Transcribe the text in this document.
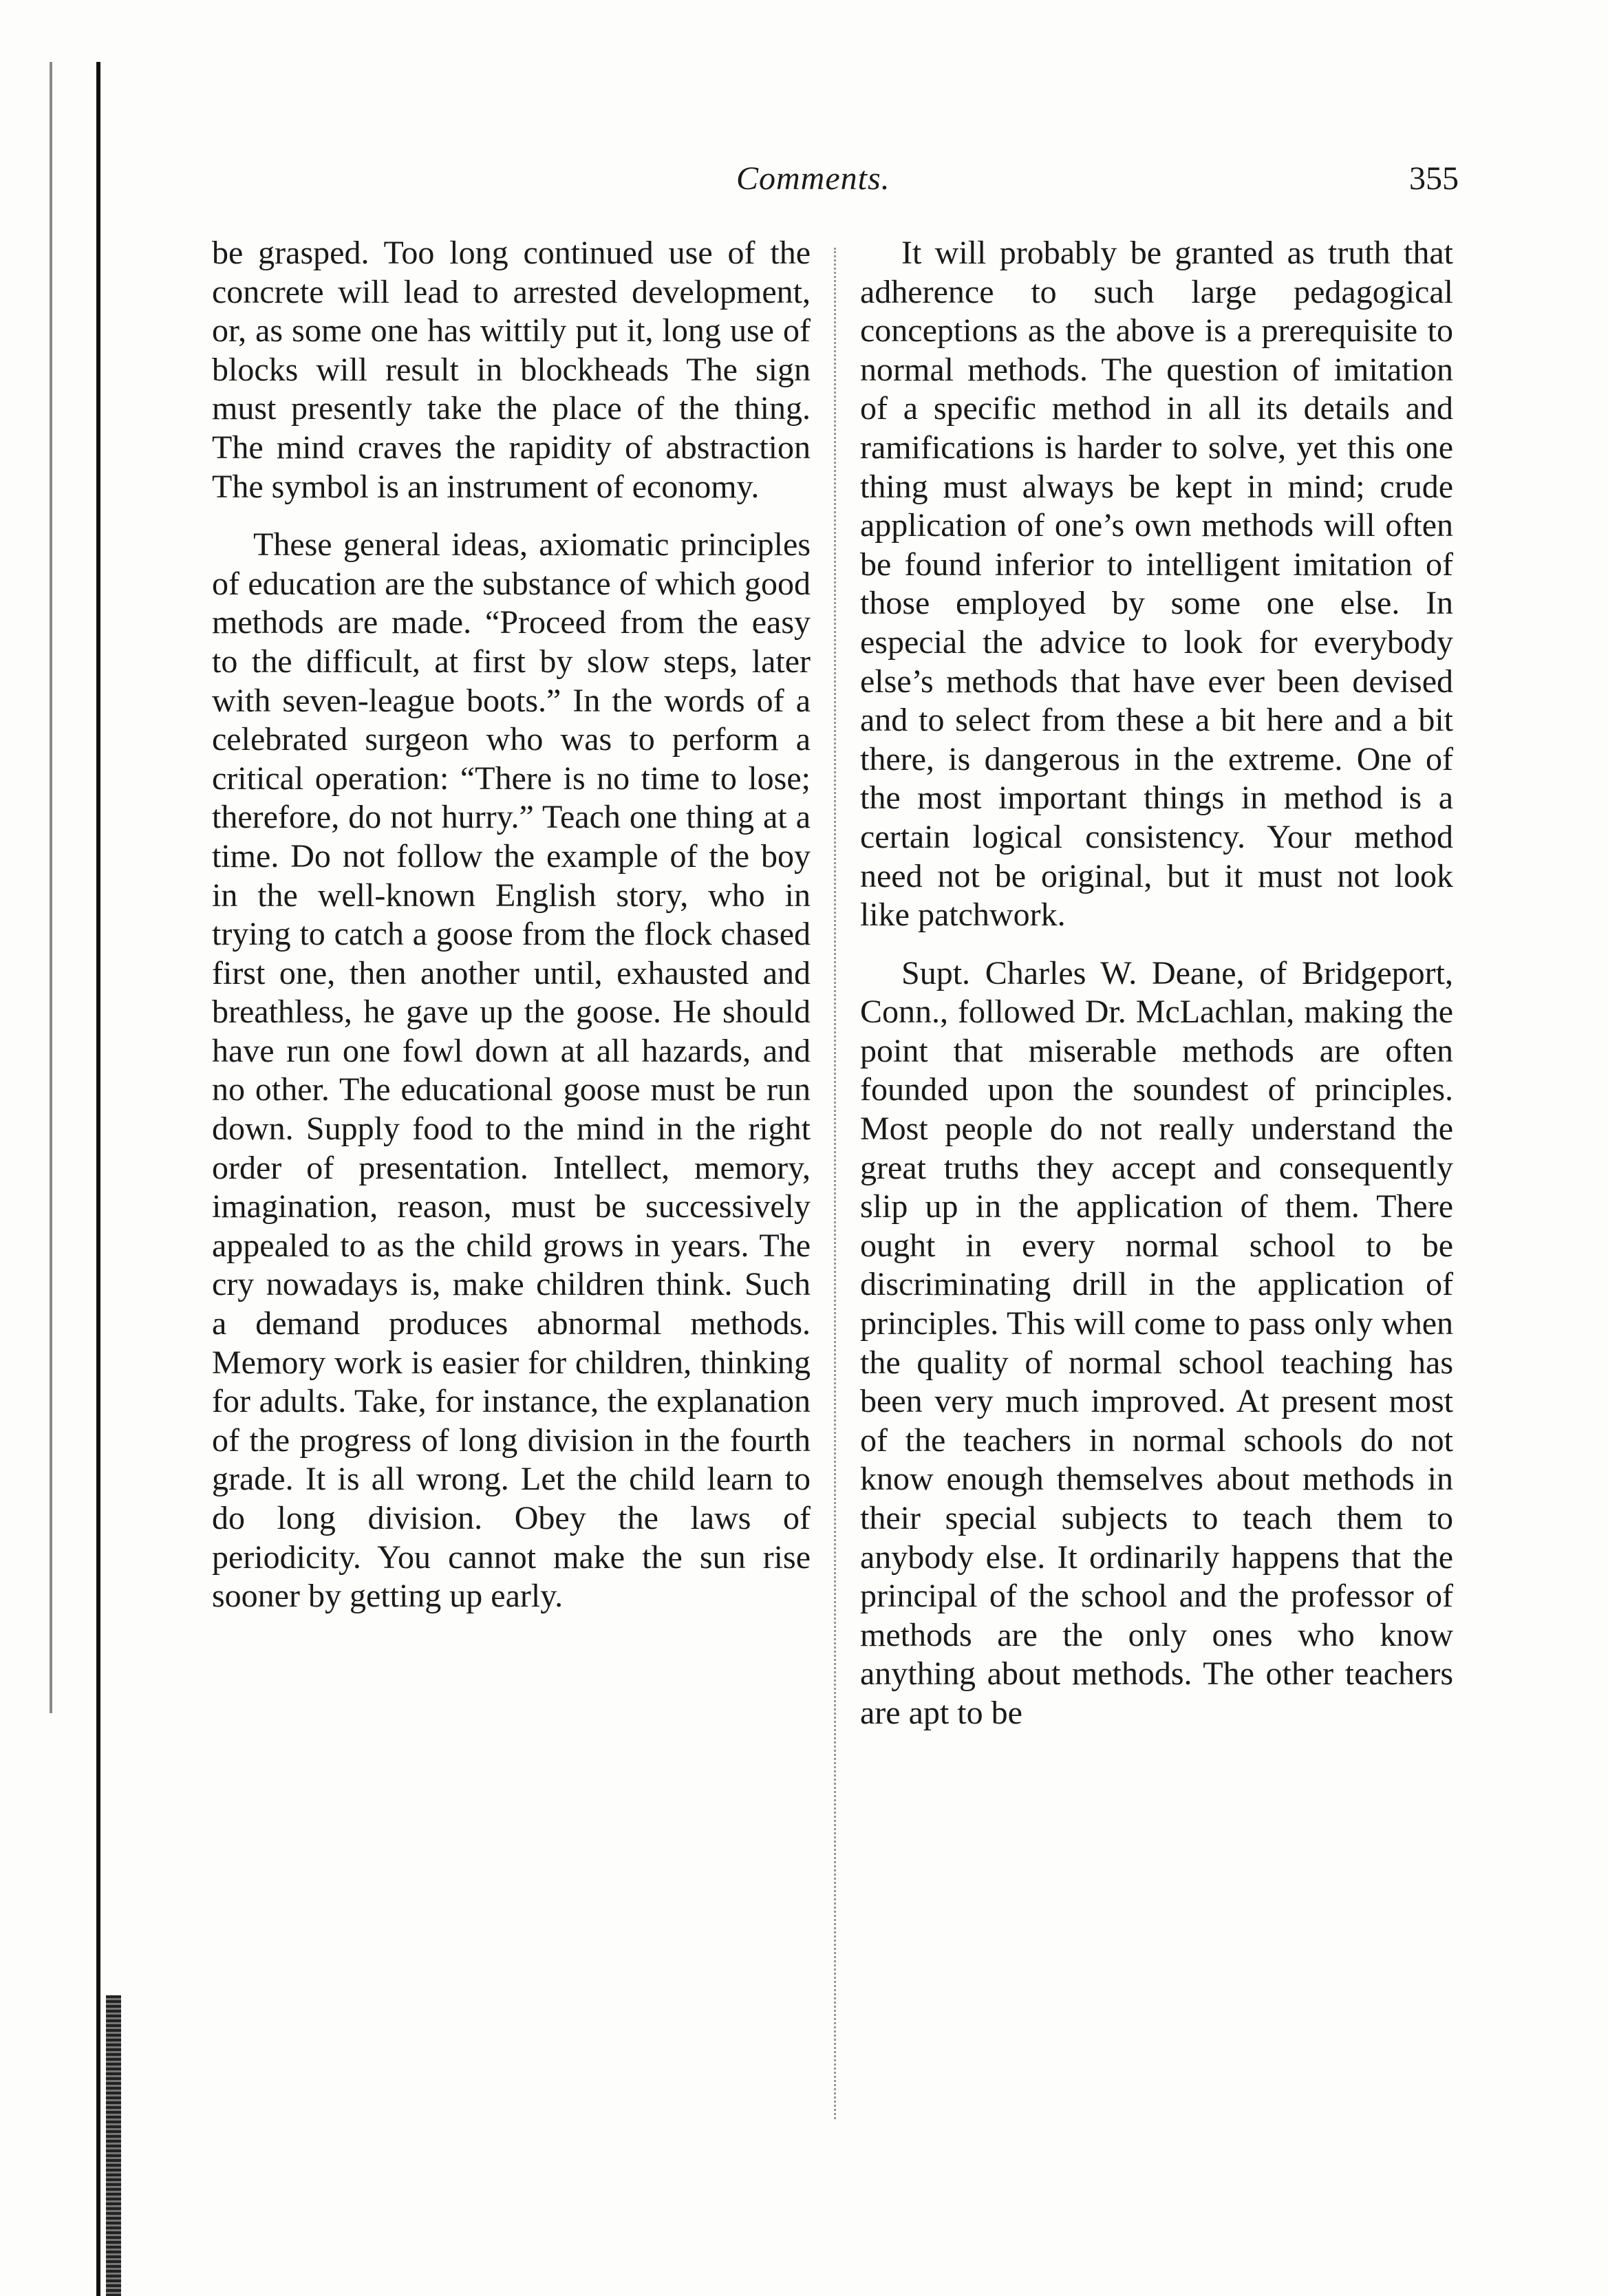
Comments.	355

be grasped. Too long continued use of the concrete will lead to arrested development, or, as some one has wittily put it, long use of blocks will result in blockheads The sign must presently take the place of the thing. The mind craves the rapidity of abstraction The symbol is an instrument of economy.

These general ideas, axiomatic principles of education are the substance of which good methods are made. “Proceed from the easy to the difficult, at first by slow steps, later with seven-league boots.” In the words of a celebrated surgeon who was to perform a critical operation: “There is no time to lose; therefore, do not hurry.” Teach one thing at a time. Do not follow the example of the boy in the well-known English story, who in trying to catch a goose from the flock chased first one, then another until, exhausted and breathless, he gave up the goose. He should have run one fowl down at all hazards, and no other. The educational goose must be run down. Supply food to the mind in the right order of presentation. Intellect, memory, imagination, reason, must be successively appealed to as the child grows in years. The cry nowadays is, make children think. Such a demand produces abnormal methods. Memory work is easier for children, thinking for adults. Take, for instance, the explanation of the progress of long division in the fourth grade. It is all wrong. Let the child learn to do long division. Obey the laws of periodicity. You cannot make the sun rise sooner by getting up early.

It will probably be granted as truth that adherence to such large pedagogical conceptions as the above is a prerequisite to normal methods. The question of imitation of a specific method in all its details and ramifications is harder to solve, yet this one thing must always be kept in mind; crude application of one’s own methods will often be found inferior to intelligent imitation of those employed by some one else. In especial the advice to look for everybody else’s methods that have ever been devised and to select from these a bit here and a bit there, is dangerous in the extreme. One of the most important things in method is a certain logical consistency. Your method need not be original, but it must not look like patchwork.

Supt. Charles W. Deane, of Bridgeport, Conn., followed Dr. McLachlan, making the point that miserable methods are often founded upon the soundest of principles. Most people do not really understand the great truths they accept and consequently slip up in the application of them. There ought in every normal school to be discriminating drill in the application of principles. This will come to pass only when the quality of normal school teaching has been very much improved. At present most of the teachers in normal schools do not know enough themselves about methods in their special subjects to teach them to anybody else. It ordinarily happens that the principal of the school and the professor of methods are the only ones who know anything about methods. The other teachers are apt to be
